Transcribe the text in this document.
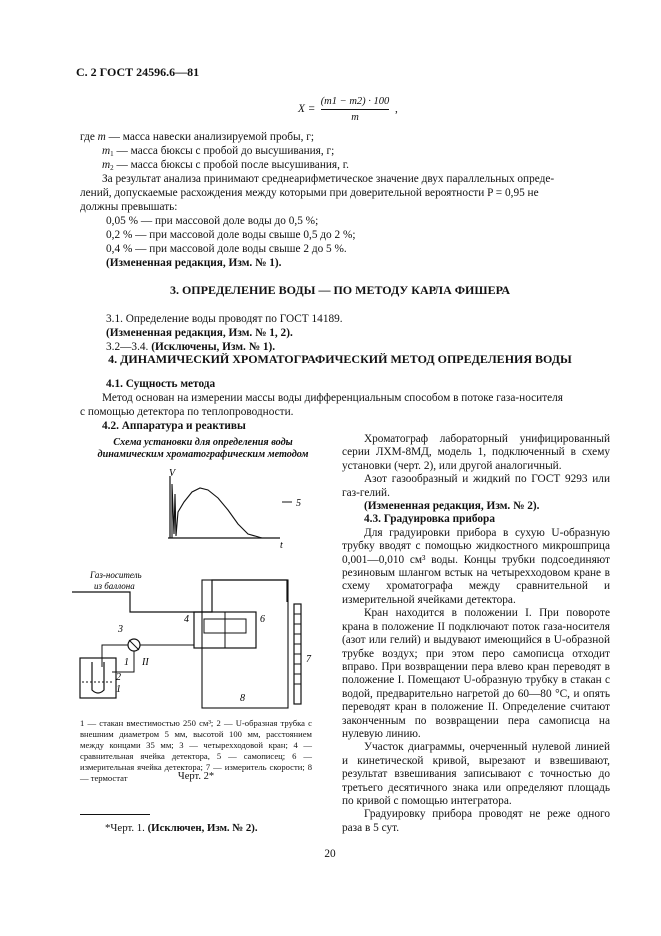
С. 2 ГОСТ 24596.6—81
X =
(m1 − m2) · 100
m
,
где m — масса навески анализируемой пробы, г;
$m_1$ — масса бюксы с пробой до высушивания, г;
$m_2$ — масса бюксы с пробой после высушивания, г.
За результат анализа принимают среднеарифметическое значение двух параллельных опреде-
лений, допускаемые расхождения между которыми при доверительной вероятности P = 0,95 не
должны превышать:
0,05 % — при массовой доле воды до 0,5 %;
0,2 % — при массовой доле воды свыше 0,5 до 2 %;
0,4 % — при массовой доле воды свыше 2 до 5 %.
(Измененная редакция, Изм. № 1).
3. ОПРЕДЕЛЕНИЕ ВОДЫ — ПО МЕТОДУ КАРЛА ФИШЕРА
3.1. Определение воды проводят по ГОСТ 14189.
(Измененная редакция, Изм. № 1, 2).
3.2—3.4. (Исключены, Изм. № 1).
4. ДИНАМИЧЕСКИЙ ХРОМАТОГРАФИЧЕСКИЙ МЕТОД ОПРЕДЕЛЕНИЯ ВОДЫ
4.1. Сущность метода
Метод основан на измерении массы воды дифференциальным способом в потоке газа-носителя
с помощью детектора по теплопроводности.
4.2. Аппаратура и реактивы
Схема установки для определения воды
динамическим хроматографическим методом
V
t
5
Газ-носитель
из баллона
4	6
8
3
1 II
2
1
7
1 — стакан вместимостью 250 см³; 2 — U-образная трубка с внешним диаметром 5 мм, высотой 100 мм, расстоянием между концами 35 мм; 3 — четырехходовой кран; 4 — сравнительная ячейка детектора, 5 — самописец; 6 — измерительная ячейка детектора; 7 — измеритель скорости; 8 — термостат	Черт. 2*
*Черт. 1. (Исключен, Изм. № 2).

Хроматограф лабораторный унифицированный серии ЛХМ-8МД, модель 1, подключенный в схему установки (черт. 2), или другой аналогичный.

Азот газообразный и жидкий по ГОСТ 9293 или газ-гелий.

(Измененная редакция, Изм. № 2).

4.3. Градуировка прибора

Для градуировки прибора в сухую U-образную трубку вводят с помощью жидкостного микрошприца 0,001—0,010 см³ воды. Концы трубки подсоединяют резиновым шлангом встык на четырехходовом кране в схему хроматографа между сравнительной и измерительной ячейками детектора.

Кран находится в положении I. При повороте крана в положение II подключают поток газа-носителя (азот или гелий) и выдувают имеющийся в U-образной трубке воздух; при этом перо самописца отходит вправо. При возвращении пера влево кран переводят в положение I. Помещают U-образную трубку в стакан с водой, предварительно нагретой до 60—80 °С, и опять переводят кран в положение II. Определение считают законченным по возвращении пера самописца на нулевую линию.

Участок диаграммы, очерченный нулевой линией и кинетической кривой, вырезают и взвешивают, результат взвешивания записывают с точностью до третьего десятичного знака или определяют площадь по кривой с помощью интегратора.

Градуировку прибора проводят не реже одного раза в 5 сут.

20
